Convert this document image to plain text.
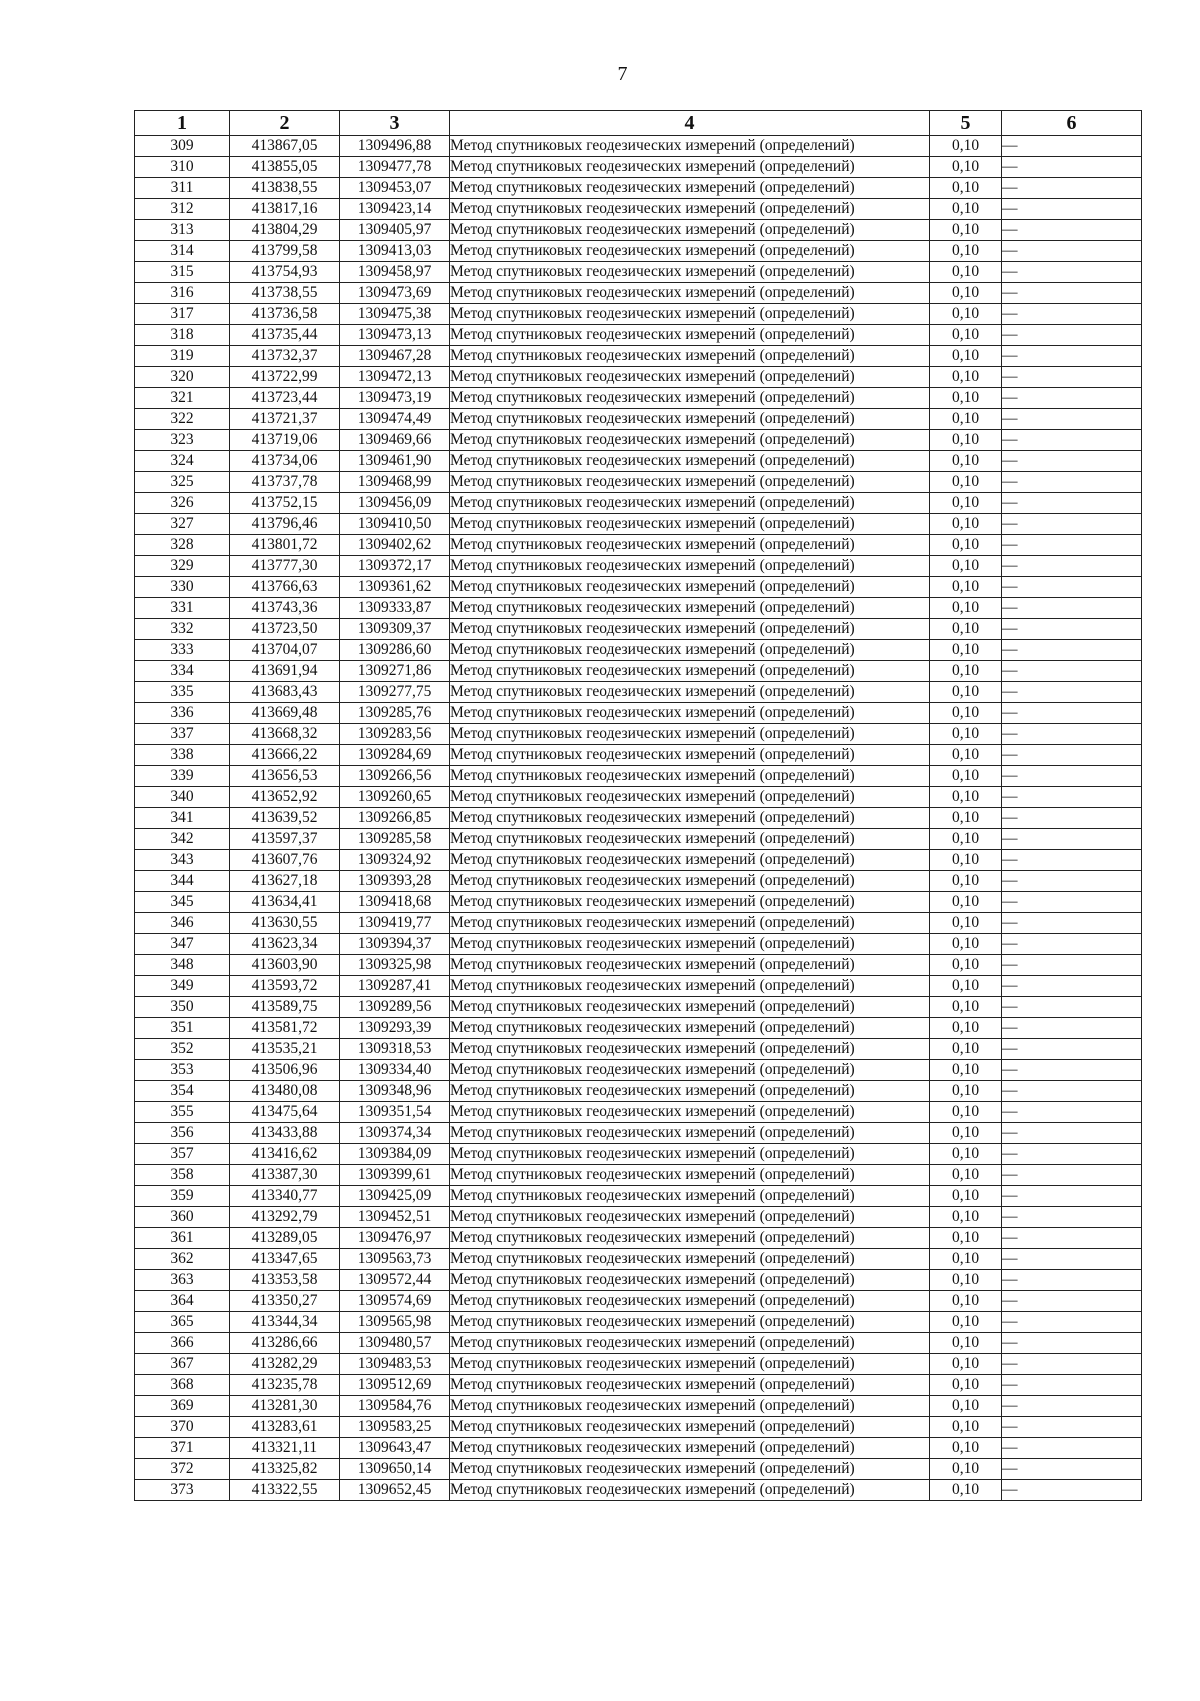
7
1	2	3	4	5	6
309	413867,05	1309496,88	Метод спутниковых геодезических измерений (определений)	0,10	—
310	413855,05	1309477,78	Метод спутниковых геодезических измерений (определений)	0,10	—
311	413838,55	1309453,07	Метод спутниковых геодезических измерений (определений)	0,10	—
312	413817,16	1309423,14	Метод спутниковых геодезических измерений (определений)	0,10	—
313	413804,29	1309405,97	Метод спутниковых геодезических измерений (определений)	0,10	—
314	413799,58	1309413,03	Метод спутниковых геодезических измерений (определений)	0,10	—
315	413754,93	1309458,97	Метод спутниковых геодезических измерений (определений)	0,10	—
316	413738,55	1309473,69	Метод спутниковых геодезических измерений (определений)	0,10	—
317	413736,58	1309475,38	Метод спутниковых геодезических измерений (определений)	0,10	—
318	413735,44	1309473,13	Метод спутниковых геодезических измерений (определений)	0,10	—
319	413732,37	1309467,28	Метод спутниковых геодезических измерений (определений)	0,10	—
320	413722,99	1309472,13	Метод спутниковых геодезических измерений (определений)	0,10	—
321	413723,44	1309473,19	Метод спутниковых геодезических измерений (определений)	0,10	—
322	413721,37	1309474,49	Метод спутниковых геодезических измерений (определений)	0,10	—
323	413719,06	1309469,66	Метод спутниковых геодезических измерений (определений)	0,10	—
324	413734,06	1309461,90	Метод спутниковых геодезических измерений (определений)	0,10	—
325	413737,78	1309468,99	Метод спутниковых геодезических измерений (определений)	0,10	—
326	413752,15	1309456,09	Метод спутниковых геодезических измерений (определений)	0,10	—
327	413796,46	1309410,50	Метод спутниковых геодезических измерений (определений)	0,10	—
328	413801,72	1309402,62	Метод спутниковых геодезических измерений (определений)	0,10	—
329	413777,30	1309372,17	Метод спутниковых геодезических измерений (определений)	0,10	—
330	413766,63	1309361,62	Метод спутниковых геодезических измерений (определений)	0,10	—
331	413743,36	1309333,87	Метод спутниковых геодезических измерений (определений)	0,10	—
332	413723,50	1309309,37	Метод спутниковых геодезических измерений (определений)	0,10	—
333	413704,07	1309286,60	Метод спутниковых геодезических измерений (определений)	0,10	—
334	413691,94	1309271,86	Метод спутниковых геодезических измерений (определений)	0,10	—
335	413683,43	1309277,75	Метод спутниковых геодезических измерений (определений)	0,10	—
336	413669,48	1309285,76	Метод спутниковых геодезических измерений (определений)	0,10	—
337	413668,32	1309283,56	Метод спутниковых геодезических измерений (определений)	0,10	—
338	413666,22	1309284,69	Метод спутниковых геодезических измерений (определений)	0,10	—
339	413656,53	1309266,56	Метод спутниковых геодезических измерений (определений)	0,10	—
340	413652,92	1309260,65	Метод спутниковых геодезических измерений (определений)	0,10	—
341	413639,52	1309266,85	Метод спутниковых геодезических измерений (определений)	0,10	—
342	413597,37	1309285,58	Метод спутниковых геодезических измерений (определений)	0,10	—
343	413607,76	1309324,92	Метод спутниковых геодезических измерений (определений)	0,10	—
344	413627,18	1309393,28	Метод спутниковых геодезических измерений (определений)	0,10	—
345	413634,41	1309418,68	Метод спутниковых геодезических измерений (определений)	0,10	—
346	413630,55	1309419,77	Метод спутниковых геодезических измерений (определений)	0,10	—
347	413623,34	1309394,37	Метод спутниковых геодезических измерений (определений)	0,10	—
348	413603,90	1309325,98	Метод спутниковых геодезических измерений (определений)	0,10	—
349	413593,72	1309287,41	Метод спутниковых геодезических измерений (определений)	0,10	—
350	413589,75	1309289,56	Метод спутниковых геодезических измерений (определений)	0,10	—
351	413581,72	1309293,39	Метод спутниковых геодезических измерений (определений)	0,10	—
352	413535,21	1309318,53	Метод спутниковых геодезических измерений (определений)	0,10	—
353	413506,96	1309334,40	Метод спутниковых геодезических измерений (определений)	0,10	—
354	413480,08	1309348,96	Метод спутниковых геодезических измерений (определений)	0,10	—
355	413475,64	1309351,54	Метод спутниковых геодезических измерений (определений)	0,10	—
356	413433,88	1309374,34	Метод спутниковых геодезических измерений (определений)	0,10	—
357	413416,62	1309384,09	Метод спутниковых геодезических измерений (определений)	0,10	—
358	413387,30	1309399,61	Метод спутниковых геодезических измерений (определений)	0,10	—
359	413340,77	1309425,09	Метод спутниковых геодезических измерений (определений)	0,10	—
360	413292,79	1309452,51	Метод спутниковых геодезических измерений (определений)	0,10	—
361	413289,05	1309476,97	Метод спутниковых геодезических измерений (определений)	0,10	—
362	413347,65	1309563,73	Метод спутниковых геодезических измерений (определений)	0,10	—
363	413353,58	1309572,44	Метод спутниковых геодезических измерений (определений)	0,10	—
364	413350,27	1309574,69	Метод спутниковых геодезических измерений (определений)	0,10	—
365	413344,34	1309565,98	Метод спутниковых геодезических измерений (определений)	0,10	—
366	413286,66	1309480,57	Метод спутниковых геодезических измерений (определений)	0,10	—
367	413282,29	1309483,53	Метод спутниковых геодезических измерений (определений)	0,10	—
368	413235,78	1309512,69	Метод спутниковых геодезических измерений (определений)	0,10	—
369	413281,30	1309584,76	Метод спутниковых геодезических измерений (определений)	0,10	—
370	413283,61	1309583,25	Метод спутниковых геодезических измерений (определений)	0,10	—
371	413321,11	1309643,47	Метод спутниковых геодезических измерений (определений)	0,10	—
372	413325,82	1309650,14	Метод спутниковых геодезических измерений (определений)	0,10	—
373	413322,55	1309652,45	Метод спутниковых геодезических измерений (определений)	0,10	—
